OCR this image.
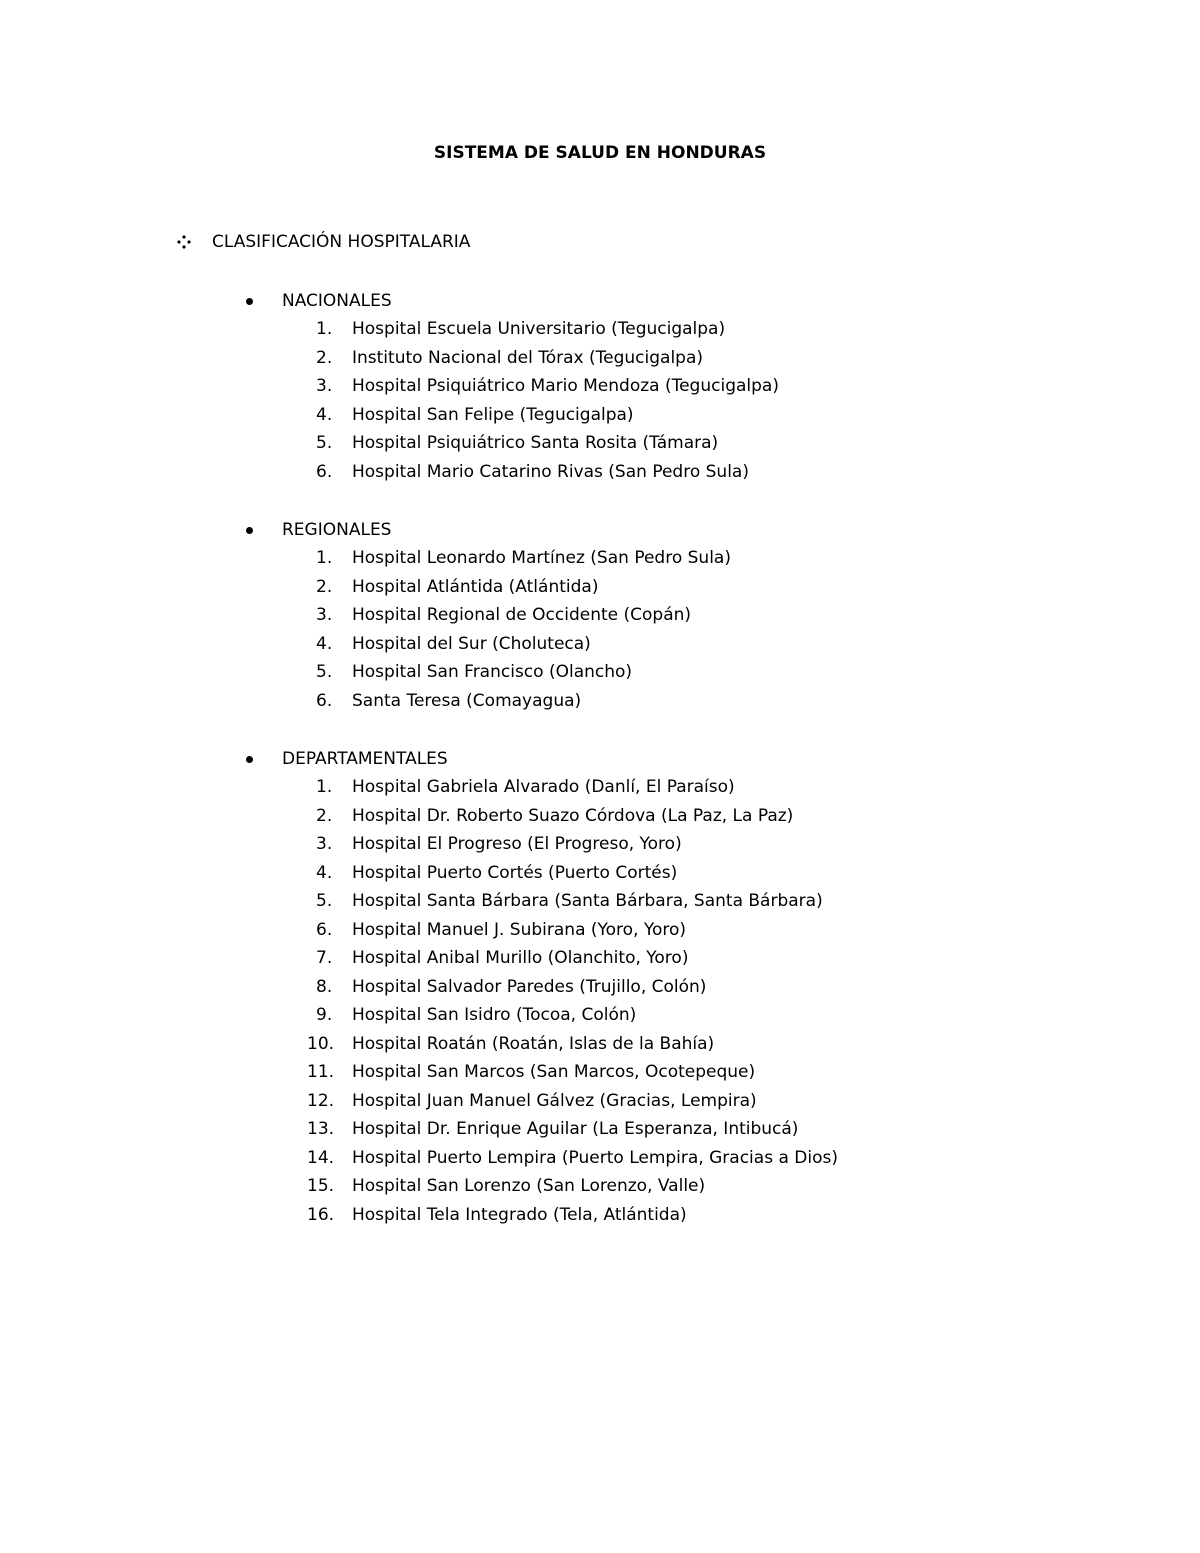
SISTEMA DE SALUD EN HONDURAS
CLASIFICACIÓN HOSPITALARIA
NACIONALES
1.	Hospital Escuela Universitario (Tegucigalpa)
2.	Instituto Nacional del Tórax (Tegucigalpa)
3.	Hospital Psiquiátrico Mario Mendoza (Tegucigalpa)
4.	Hospital San Felipe (Tegucigalpa)
5.	Hospital Psiquiátrico Santa Rosita (Támara)
6.	Hospital Mario Catarino Rivas (San Pedro Sula)
REGIONALES
1.	Hospital Leonardo Martínez (San Pedro Sula)
2.	Hospital Atlántida (Atlántida)
3.	Hospital Regional de Occidente (Copán)
4.	Hospital del Sur (Choluteca)
5.	Hospital San Francisco (Olancho)
6.	Santa Teresa (Comayagua)
DEPARTAMENTALES
1.	Hospital Gabriela Alvarado (Danlí, El Paraíso)
2.	Hospital Dr. Roberto Suazo Córdova (La Paz, La Paz)
3.	Hospital El Progreso (El Progreso, Yoro)
4.	Hospital Puerto Cortés (Puerto Cortés)
5.	Hospital Santa Bárbara (Santa Bárbara, Santa Bárbara)
6.	Hospital Manuel J. Subirana (Yoro, Yoro)
7.	Hospital Anibal Murillo (Olanchito, Yoro)
8.	Hospital Salvador Paredes (Trujillo, Colón)
9.	Hospital San Isidro (Tocoa, Colón)
10.	Hospital Roatán (Roatán, Islas de la Bahía)
11.	Hospital San Marcos (San Marcos, Ocotepeque)
12.	Hospital Juan Manuel Gálvez (Gracias, Lempira)
13.	Hospital Dr. Enrique Aguilar (La Esperanza, Intibucá)
14.	Hospital Puerto Lempira (Puerto Lempira, Gracias a Dios)
15.	Hospital San Lorenzo (San Lorenzo, Valle)
16.	Hospital Tela Integrado (Tela, Atlántida)
